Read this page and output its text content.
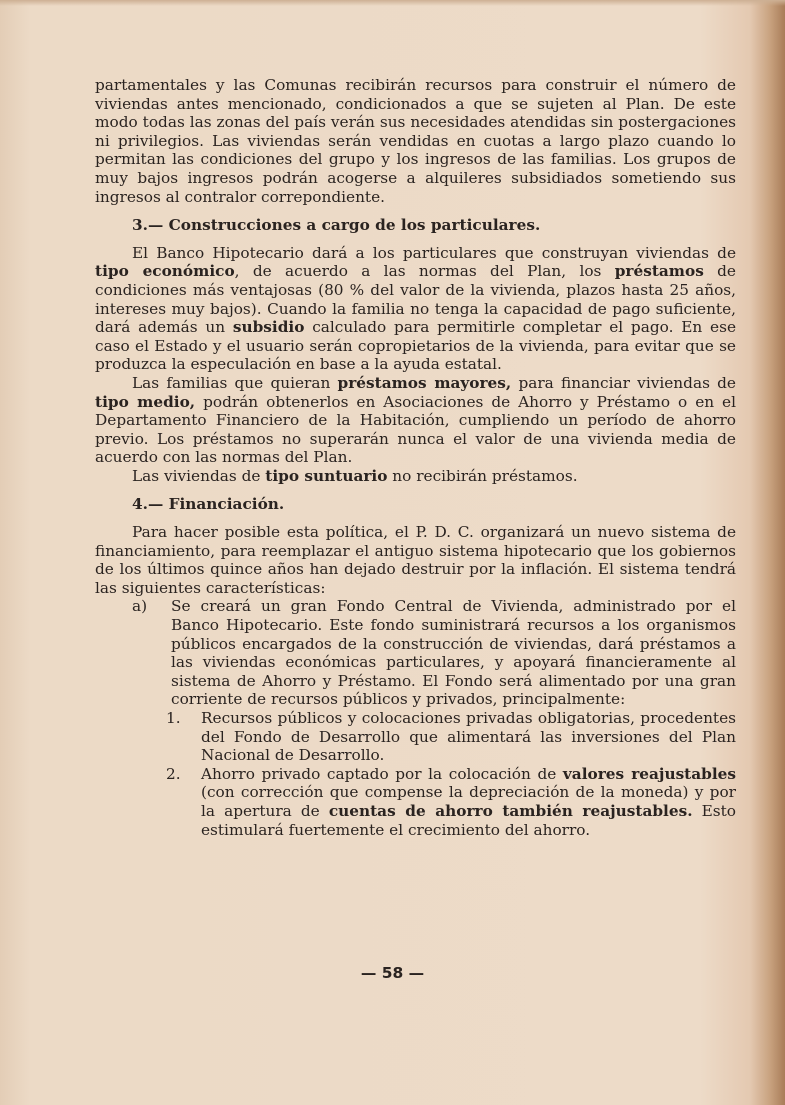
partamentales y las Comunas recibirán recursos para construir el número de viviendas antes mencionado, condicionados a que se sujeten al Plan. De este modo todas las zonas del país verán sus necesidades atendidas sin postergaciones ni privilegios. Las viviendas serán vendidas en cuotas a largo plazo cuando lo permitan las condiciones del grupo y los ingresos de las familias. Los grupos de muy bajos ingresos podrán acogerse a alquileres subsidiados sometiendo sus ingresos al contralor correpondiente.

3.— Construcciones a cargo de los particulares.

El Banco Hipotecario dará a los particulares que construyan viviendas de tipo económico, de acuerdo a las normas del Plan, los préstamos de condiciones más ventajosas (80 % del valor de la vivienda, plazos hasta 25 años, intereses muy bajos). Cuando la familia no tenga la capacidad de pago suficiente, dará además un subsidio calculado para permitirle completar el pago. En ese caso el Estado y el usuario serán copropietarios de la vivienda, para evitar que se produzca la especulación en base a la ayuda estatal.

Las familias que quieran préstamos mayores, para financiar viviendas de tipo medio, podrán obtenerlos en Asociaciones de Ahorro y Préstamo o en el Departamento Financiero de la Habitación, cumpliendo un período de ahorro previo. Los préstamos no superarán nunca el valor de una vivienda media de acuerdo con las normas del Plan.

Las viviendas de tipo suntuario no recibirán préstamos.

4.— Financiación.

Para hacer posible esta política, el P. D. C. organizará un nuevo sistema de financiamiento, para reemplazar el antiguo sistema hipotecario que los gobiernos de los últimos quince años han dejado destruir por la inflación. El sistema tendrá las siguientes características:

a) Se creará un gran Fondo Central de Vivienda, administrado por el Banco Hipotecario. Este fondo suministrará recursos a los organismos públicos encargados de la construcción de viviendas, dará préstamos a las viviendas económicas particulares, y apoyará financieramente al sistema de Ahorro y Préstamo. El Fondo será alimentado por una gran corriente de recursos públicos y privados, principalmente:

1. Recursos públicos y colocaciones privadas obligatorias, procedentes del Fondo de Desarrollo que alimentará las inversiones del Plan Nacional de Desarrollo.

2. Ahorro privado captado por la colocación de valores reajustables (con corrección que compense la depreciación de la moneda) y por la apertura de cuentas de ahorro también reajustables. Esto estimulará fuertemente el crecimiento del ahorro.

— 58 —
